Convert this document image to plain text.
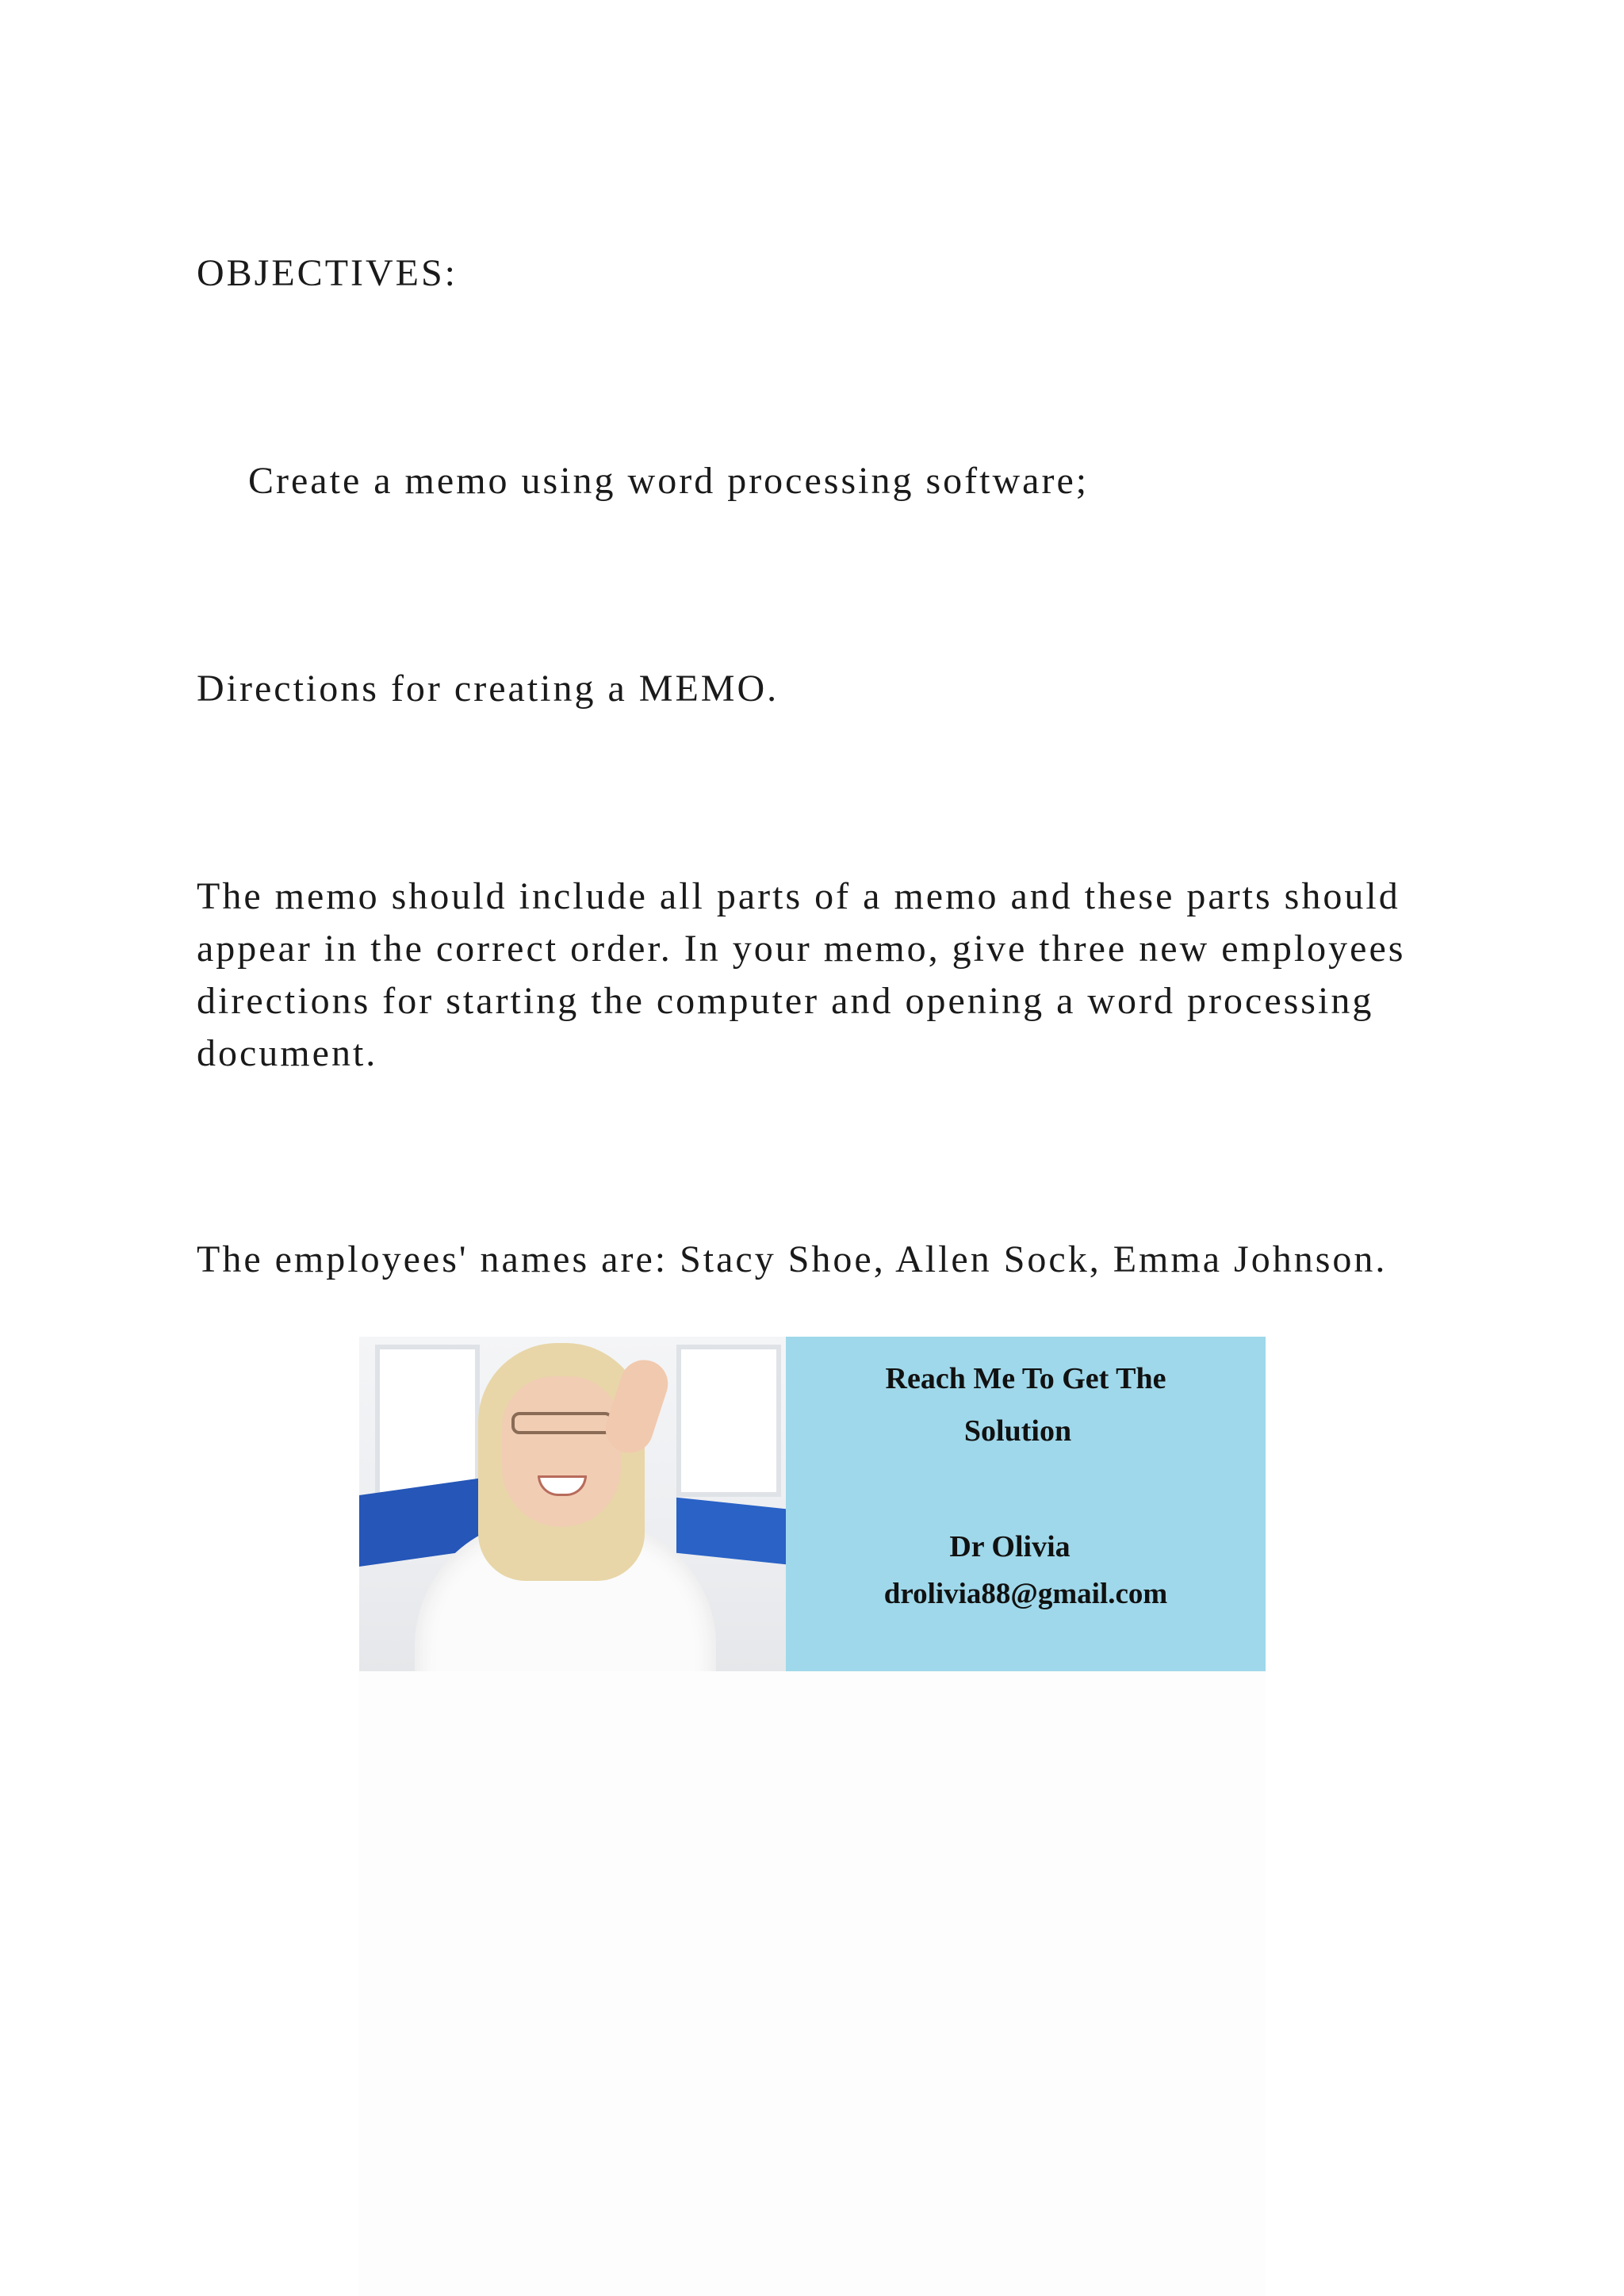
OBJECTIVES:

Create a memo using word processing software;

Directions for creating a MEMO.

The memo should include all parts of a memo and these parts should appear in the correct order. In your memo, give three new employees directions for starting the computer and opening a word processing document.

The employees' names are: Stacy Shoe, Allen Sock, Emma Johnson.

Reach Me To Get The

Solution

Dr Olivia

drolivia88@gmail.com
